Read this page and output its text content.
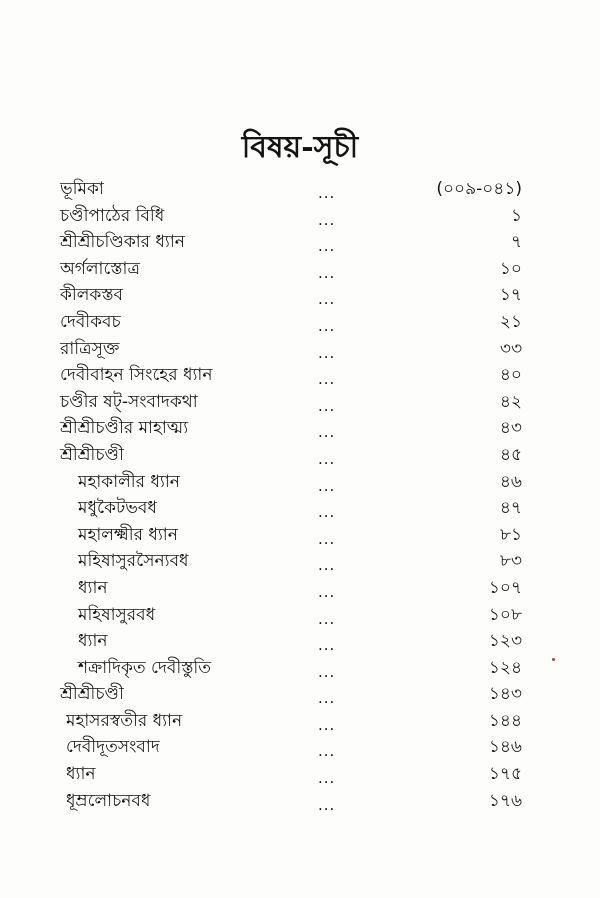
বিষয়-সূচী
ভূমিকা	...	(০০৯-০৪১)
চণ্ডীপাঠের বিধি	...	১
শ্রীশ্রীচণ্ডিকার ধ্যান	...	৭
অর্গলাস্তোত্র	...	১০
কীলকস্তব	...	১৭
দেবীকবচ	...	২১
রাত্রিসূক্ত	...	৩৩
দেবীবাহন সিংহের ধ্যান	...	৪০
চণ্ডীর ষট্‌-সংবাদকথা	...	৪২
শ্রীশ্রীচণ্ডীর মাহাত্ম্য	...	৪৩
শ্রীশ্রীচণ্ডী	...	৪৫
মহাকালীর ধ্যান	...	৪৬
মধুকৈটভবধ	...	৪৭
মহালক্ষ্মীর ধ্যান	...	৮১
মহিষাসুরসৈন্যবধ	...	৮৩
ধ্যান	...	১০৭
মহিষাসুরবধ	...	১০৮
ধ্যান	...	১২৩
শক্রাদিকৃত দেবীস্তুতি	...	১২৪
শ্রীশ্রীচণ্ডী	...	১৪৩
মহাসরস্বতীর ধ্যান	...	১৪৪
দেবীদূতসংবাদ	...	১৪৬
ধ্যান	...	১৭৫
ধূম্রলোচনবধ	...	১৭৬
